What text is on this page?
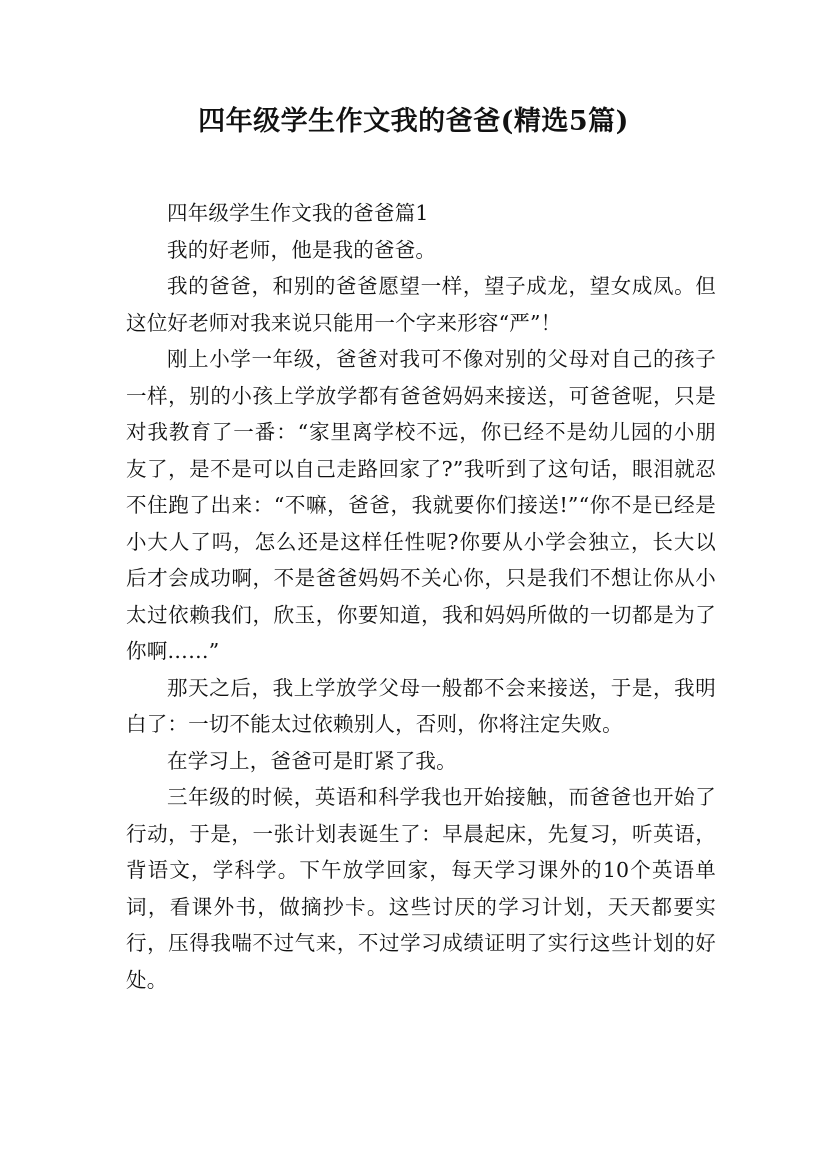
四年级学生作文我的爸爸(精选5篇)

四年级学生作文我的爸爸篇1

我的好老师，他是我的爸爸。

我的爸爸，和别的爸爸愿望一样，望子成龙，望女成凤。但这位好老师对我来说只能用一个字来形容“严”！

刚上小学一年级，爸爸对我可不像对别的父母对自己的孩子一样，别的小孩上学放学都有爸爸妈妈来接送，可爸爸呢，只是对我教育了一番：“家里离学校不远，你已经不是幼儿园的小朋友了，是不是可以自己走路回家了?”我听到了这句话，眼泪就忍不住跑了出来：“不嘛，爸爸，我就要你们接送!”“你不是已经是小大人了吗，怎么还是这样任性呢?你要从小学会独立，长大以后才会成功啊，不是爸爸妈妈不关心你，只是我们不想让你从小太过依赖我们，欣玉，你要知道，我和妈妈所做的一切都是为了你啊……”

那天之后，我上学放学父母一般都不会来接送，于是，我明白了：一切不能太过依赖别人，否则，你将注定失败。

在学习上，爸爸可是盯紧了我。

三年级的时候，英语和科学我也开始接触，而爸爸也开始了行动，于是，一张计划表诞生了：早晨起床，先复习，听英语，背语文，学科学。下午放学回家，每天学习课外的10个英语单词，看课外书，做摘抄卡。这些讨厌的学习计划，天天都要实行，压得我喘不过气来，不过学习成绩证明了实行这些计划的好处。
